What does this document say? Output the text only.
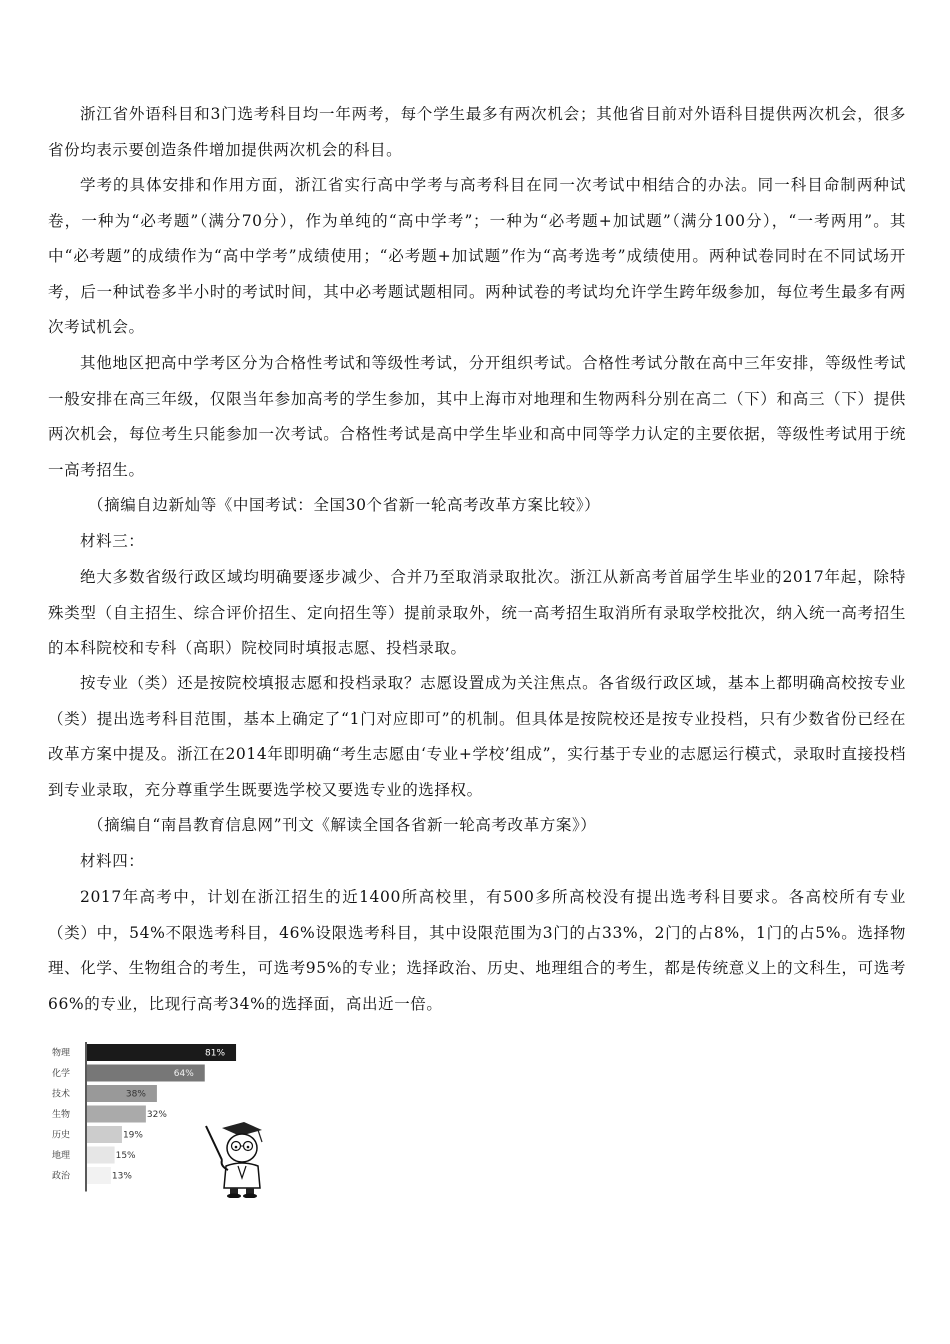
浙江省外语科目和3门选考科目均一年两考，每个学生最多有两次机会；其他省目前对外语科目提供两次机会，很多省份均表示要创造条件增加提供两次机会的科目。

学考的具体安排和作用方面，浙江省实行高中学考与高考科目在同一次考试中相结合的办法。同一科目命制两种试卷，一种为“必考题”（满分70分），作为单纯的“高中学考”；一种为“必考题+加试题”（满分100分），“一考两用”。其中“必考题”的成绩作为“高中学考”成绩使用；“必考题+加试题”作为“高考选考”成绩使用。两种试卷同时在不同试场开考，后一种试卷多半小时的考试时间，其中必考题试题相同。两种试卷的考试均允许学生跨年级参加，每位考生最多有两次考试机会。

其他地区把高中学考区分为合格性考试和等级性考试，分开组织考试。合格性考试分散在高中三年安排，等级性考试一般安排在高三年级，仅限当年参加高考的学生参加，其中上海市对地理和生物两科分别在高二（下）和高三（下）提供两次机会，每位考生只能参加一次考试。合格性考试是高中学生毕业和高中同等学力认定的主要依据，等级性考试用于统一高考招生。

（摘编自边新灿等《中国考试：全国30个省新一轮高考改革方案比较》）

材料三：

绝大多数省级行政区域均明确要逐步减少、合并乃至取消录取批次。浙江从新高考首届学生毕业的2017年起，除特殊类型（自主招生、综合评价招生、定向招生等）提前录取外，统一高考招生取消所有录取学校批次，纳入统一高考招生的本科院校和专科（高职）院校同时填报志愿、投档录取。

按专业（类）还是按院校填报志愿和投档录取？志愿设置成为关注焦点。各省级行政区域，基本上都明确高校按专业（类）提出选考科目范围，基本上确定了“1门对应即可”的机制。但具体是按院校还是按专业投档，只有少数省份已经在改革方案中提及。浙江在2014年即明确“考生志愿由‘专业+学校’组成”，实行基于专业的志愿运行模式，录取时直接投档到专业录取，充分尊重学生既要选学校又要选专业的选择权。

（摘编自“南昌教育信息网”刊文《解读全国各省新一轮高考改革方案》）

材料四：

2017年高考中，计划在浙江招生的近1400所高校里，有500多所高校没有提出选考科目要求。各高校所有专业（类）中，54%不限选考科目，46%设限选考科目，其中设限范围为3门的占33%，2门的占8%，1门的占5%。选择物理、化学、生物组合的考生，可选考95%的专业；选择政治、历史、地理组合的考生，都是传统意义上的文科生，可选考66%的专业，比现行高考34%的选择面，高出近一倍。

物理	81%
化学	64%
技术	38%
生物	32%
历史	19%
地理	15%
政治	13%
